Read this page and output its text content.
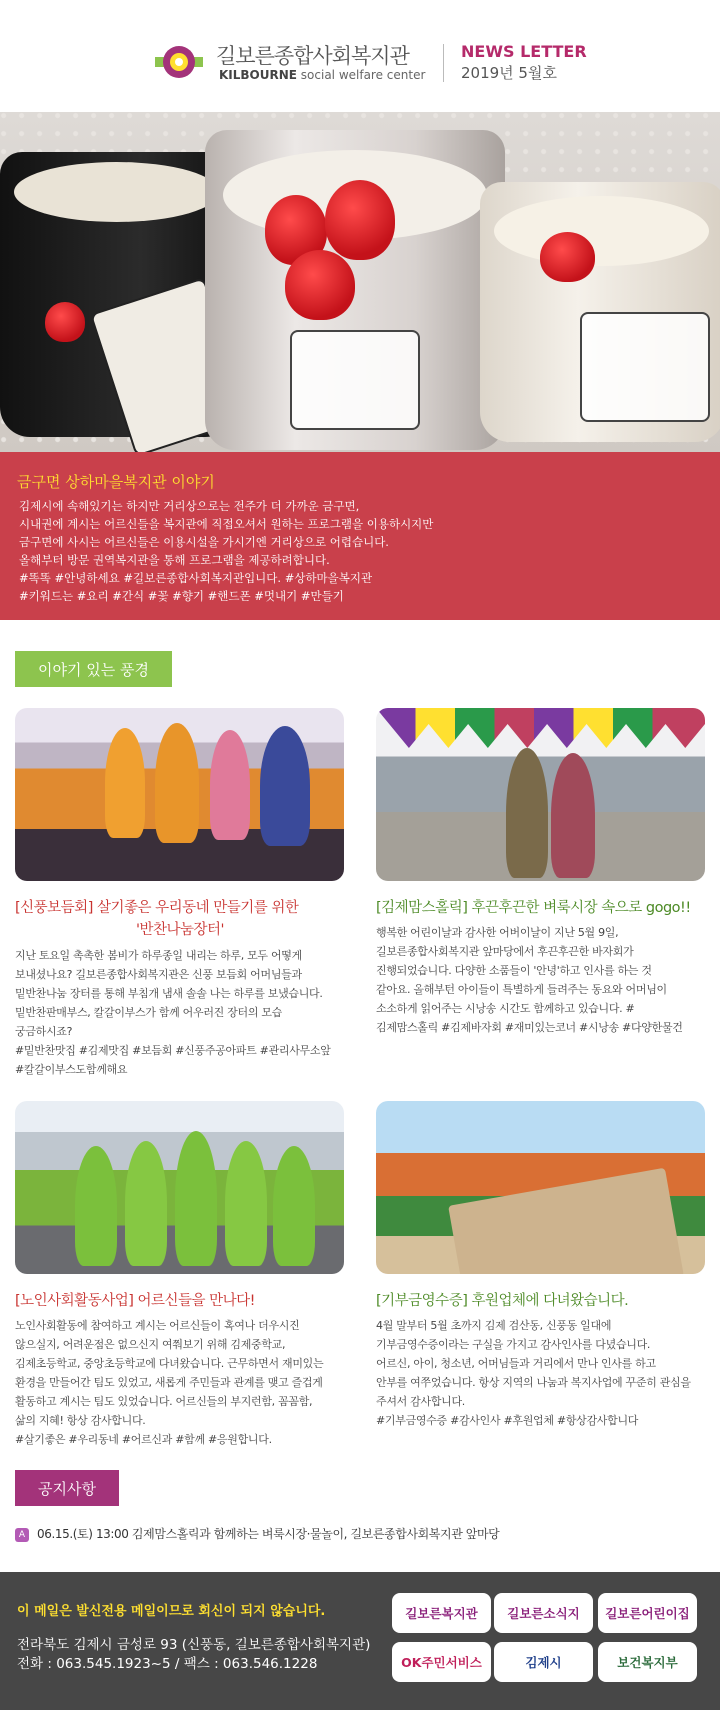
길보른종합사회복지관
KILBOURNE social welfare center
NEWS LETTER
2019년 5월호
금구면 상하마을복지관 이야기

김제시에 속해있기는 하지만 거리상으로는 전주가 더 가까운 금구면,

시내권에 계시는 어르신들을 복지관에 직접오셔서 원하는 프로그램을 이용하시지만

금구면에 사시는 어르신들은 이용시설을 가시기엔 거리상으로 어렵습니다.

올해부터 방문 권역복지관을 통해 프로그램을 제공하려합니다.

#똑똑 #안녕하세요 #길보른종합사회복지관입니다. #상하마을복지관

#키워드는 #요리 #간식 #꽃 #향기 #핸드폰 #멋내기 #만들기

이야기 있는 풍경
[신풍보듬회] 살기좋은 우리동네 만들기를 위한

'반찬나눔장터'

지난 토요일 촉촉한 봄비가 하루종일 내리는 하루, 모두 어떻게

보내셨나요? 길보른종합사회복지관은 신풍 보듬회 어머님들과

밑반찬나눔 장터를 통해 부침개 냄새 솔솔 나는 하루를 보냈습니다.

밑반찬판매부스, 칼갈이부스가 함께 어우러진 장터의 모습

궁금하시죠?

#밑반찬맛집 #김제맛집 #보듬회 #신풍주공아파트 #관리사무소앞

#칼갈이부스도함께해요

[김제맘스홀릭] 후끈후끈한 벼룩시장 속으로 gogo!!

행복한 어린이날과 감사한 어버이날이 지난 5월 9일,

길보른종합사회복지관 앞마당에서 후끈후끈한 바자회가

진행되었습니다. 다양한 소품들이 '안녕'하고 인사를 하는 것

같아요. 올해부턴 아이들이 특별하게 들려주는 동요와 어머님이

소소하게 읽어주는 시낭송 시간도 함께하고 있습니다. #

김제맘스홀릭 #김제바자회 #재미있는코너 #시낭송 #다양한물건

[노인사회활동사업] 어르신들을 만나다!

노인사회활동에 참여하고 계시는 어르신들이 혹여나 더우시진

않으실지, 어려운점은 없으신지 여쭤보기 위해 김제중학교,

김제초등학교, 중앙초등학교에 다녀왔습니다. 근무하면서 재미있는

환경을 만들어간 팀도 있었고, 새롭게 주민들과 관계를 맺고 즐겁게

활동하고 계시는 팀도 있었습니다. 어르신들의 부지런함, 꼼꼼함,

삶의 지혜! 항상 감사합니다.

#살기좋은 #우리동네 #어르신과 #함께 #응원합니다.

[기부금영수증] 후원업체에 다녀왔습니다.

4월 말부터 5월 초까지 김제 검산동, 신풍동 일대에

기부금영수증이라는 구실을 가지고 감사인사를 다녔습니다.

어르신, 아이, 청소년, 어머님들과 거리에서 만나 인사를 하고

안부를 여쭈었습니다. 항상 지역의 나눔과 복지사업에 꾸준히 관심을

주셔서 감사합니다.

#기부금영수증 #감사인사 #후원업체 #항상감사합니다

공지사항
A 06.15.(토) 13:00 김제맘스홀릭과 함께하는 벼룩시장·물놀이, 길보른종합사회복지관 앞마당
이 메일은 발신전용 메일이므로 회신이 되지 않습니다.
전라북도 김제시 금성로 93 (신풍동, 길보른종합사회복지관)
전화 : 063.545.1923~5 / 팩스 : 063.546.1228
길보른복지관	길보른소식지	길보른어린이집
OK주민서비스	김제시	보건복지부
